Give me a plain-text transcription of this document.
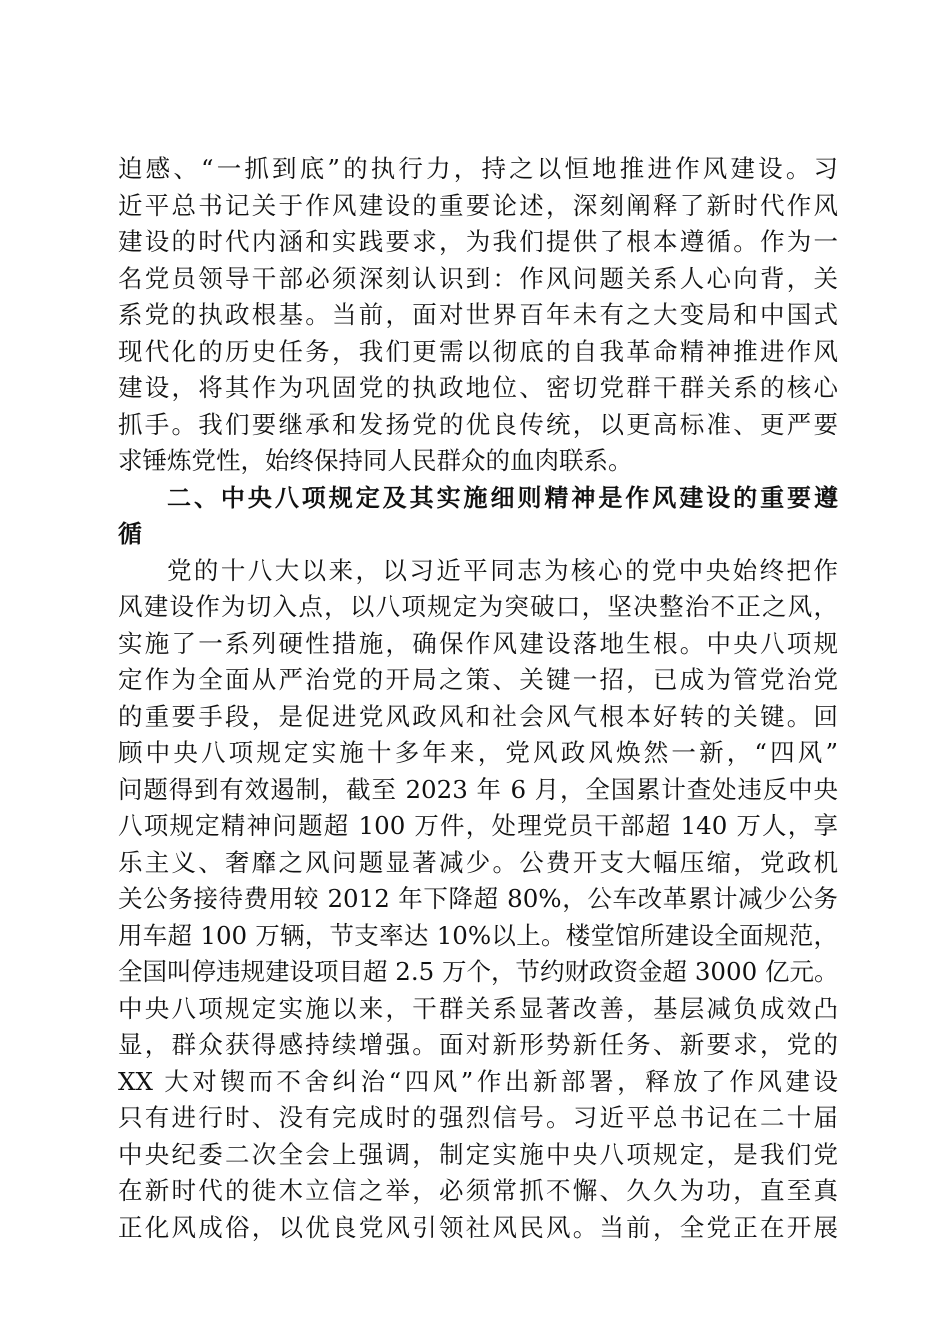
迫感、“一抓到底”的执行力，持之以恒地推进作风建设。习
近平总书记关于作风建设的重要论述，深刻阐释了新时代作风
建设的时代内涵和实践要求，为我们提供了根本遵循。作为一
名党员领导干部必须深刻认识到：作风问题关系人心向背，关
系党的执政根基。当前，面对世界百年未有之大变局和中国式
现代化的历史任务，我们更需以彻底的自我革命精神推进作风
建设，将其作为巩固党的执政地位、密切党群干群关系的核心
抓手。我们要继承和发扬党的优良传统，以更高标准、更严要
求锤炼党性，始终保持同人民群众的血肉联系。
二、中央八项规定及其实施细则精神是作风建设的重要遵
循
党的十八大以来，以习近平同志为核心的党中央始终把作
风建设作为切入点，以八项规定为突破口，坚决整治不正之风，
实施了一系列硬性措施，确保作风建设落地生根。中央八项规
定作为全面从严治党的开局之策、关键一招，已成为管党治党
的重要手段，是促进党风政风和社会风气根本好转的关键。回
顾中央八项规定实施十多年来，党风政风焕然一新，“四风”
问题得到有效遏制，截至 2023 年 6 月，全国累计查处违反中央
八项规定精神问题超 100 万件，处理党员干部超 140 万人，享
乐主义、奢靡之风问题显著减少。公费开支大幅压缩，党政机
关公务接待费用较 2012 年下降超 80%，公车改革累计减少公务
用车超 100 万辆，节支率达 10%以上。楼堂馆所建设全面规范，
全国叫停违规建设项目超 2.5 万个，节约财政资金超 3000 亿元。
中央八项规定实施以来，干群关系显著改善，基层减负成效凸
显，群众获得感持续增强。面对新形势新任务、新要求，党的
XX 大对锲而不舍纠治“四风”作出新部署，释放了作风建设
只有进行时、没有完成时的强烈信号。习近平总书记在二十届
中央纪委二次全会上强调，制定实施中央八项规定，是我们党
在新时代的徙木立信之举，必须常抓不懈、久久为功，直至真
正化风成俗，以优良党风引领社风民风。当前，全党正在开展
